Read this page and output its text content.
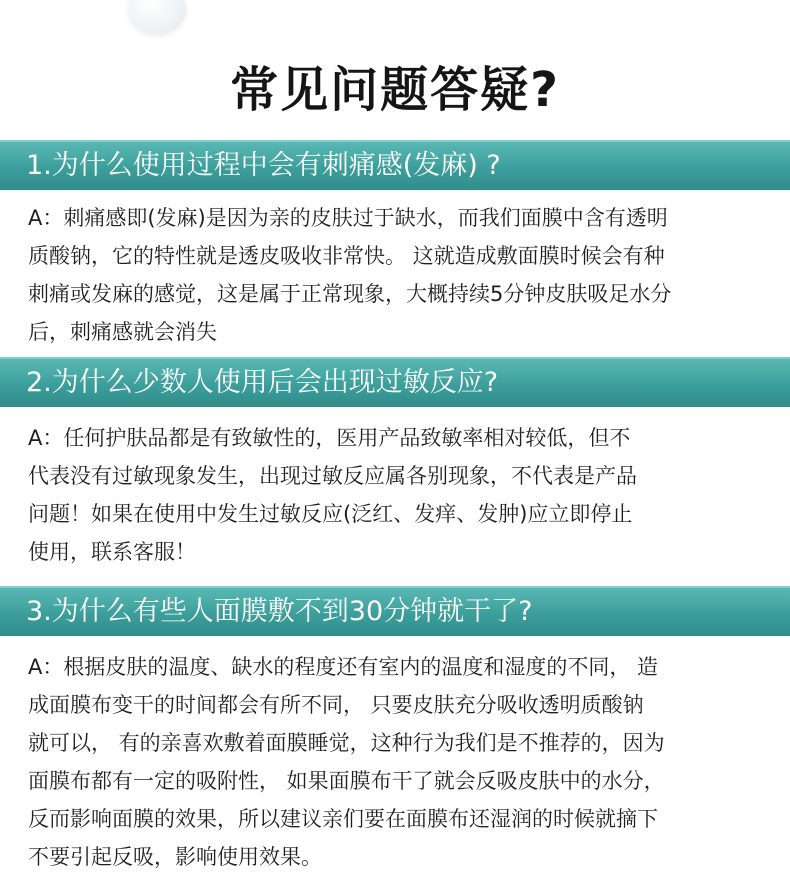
常见问题答疑?
1.为什么使用过程中会有刺痛感(发麻) ?

A：刺痛感即(发麻)是因为亲的皮肤过于缺水，而我们面膜中含有透明

质酸钠，它的特性就是透皮吸收非常快。 这就造成敷面膜时候会有种

刺痛或发麻的感觉，这是属于正常现象，大概持续5分钟皮肤吸足水分

后，刺痛感就会消失

2.为什么少数人使用后会出现过敏反应?

A：任何护肤品都是有致敏性的，医用产品致敏率相对较低，但不

代表没有过敏现象发生，出现过敏反应属各别现象，不代表是产品

问题！如果在使用中发生过敏反应(泛红、发痒、发肿)应立即停止

使用，联系客服！

3.为什么有些人面膜敷不到30分钟就干了?

A：根据皮肤的温度、缺水的程度还有室内的温度和湿度的不同， 造

成面膜布变干的时间都会有所不同， 只要皮肤充分吸收透明质酸钠

就可以， 有的亲喜欢敷着面膜睡觉，这种行为我们是不推荐的，因为

面膜布都有一定的吸附性， 如果面膜布干了就会反吸皮肤中的水分，

反而影响面膜的效果，所以建议亲们要在面膜布还湿润的时候就摘下

不要引起反吸，影响使用效果。
